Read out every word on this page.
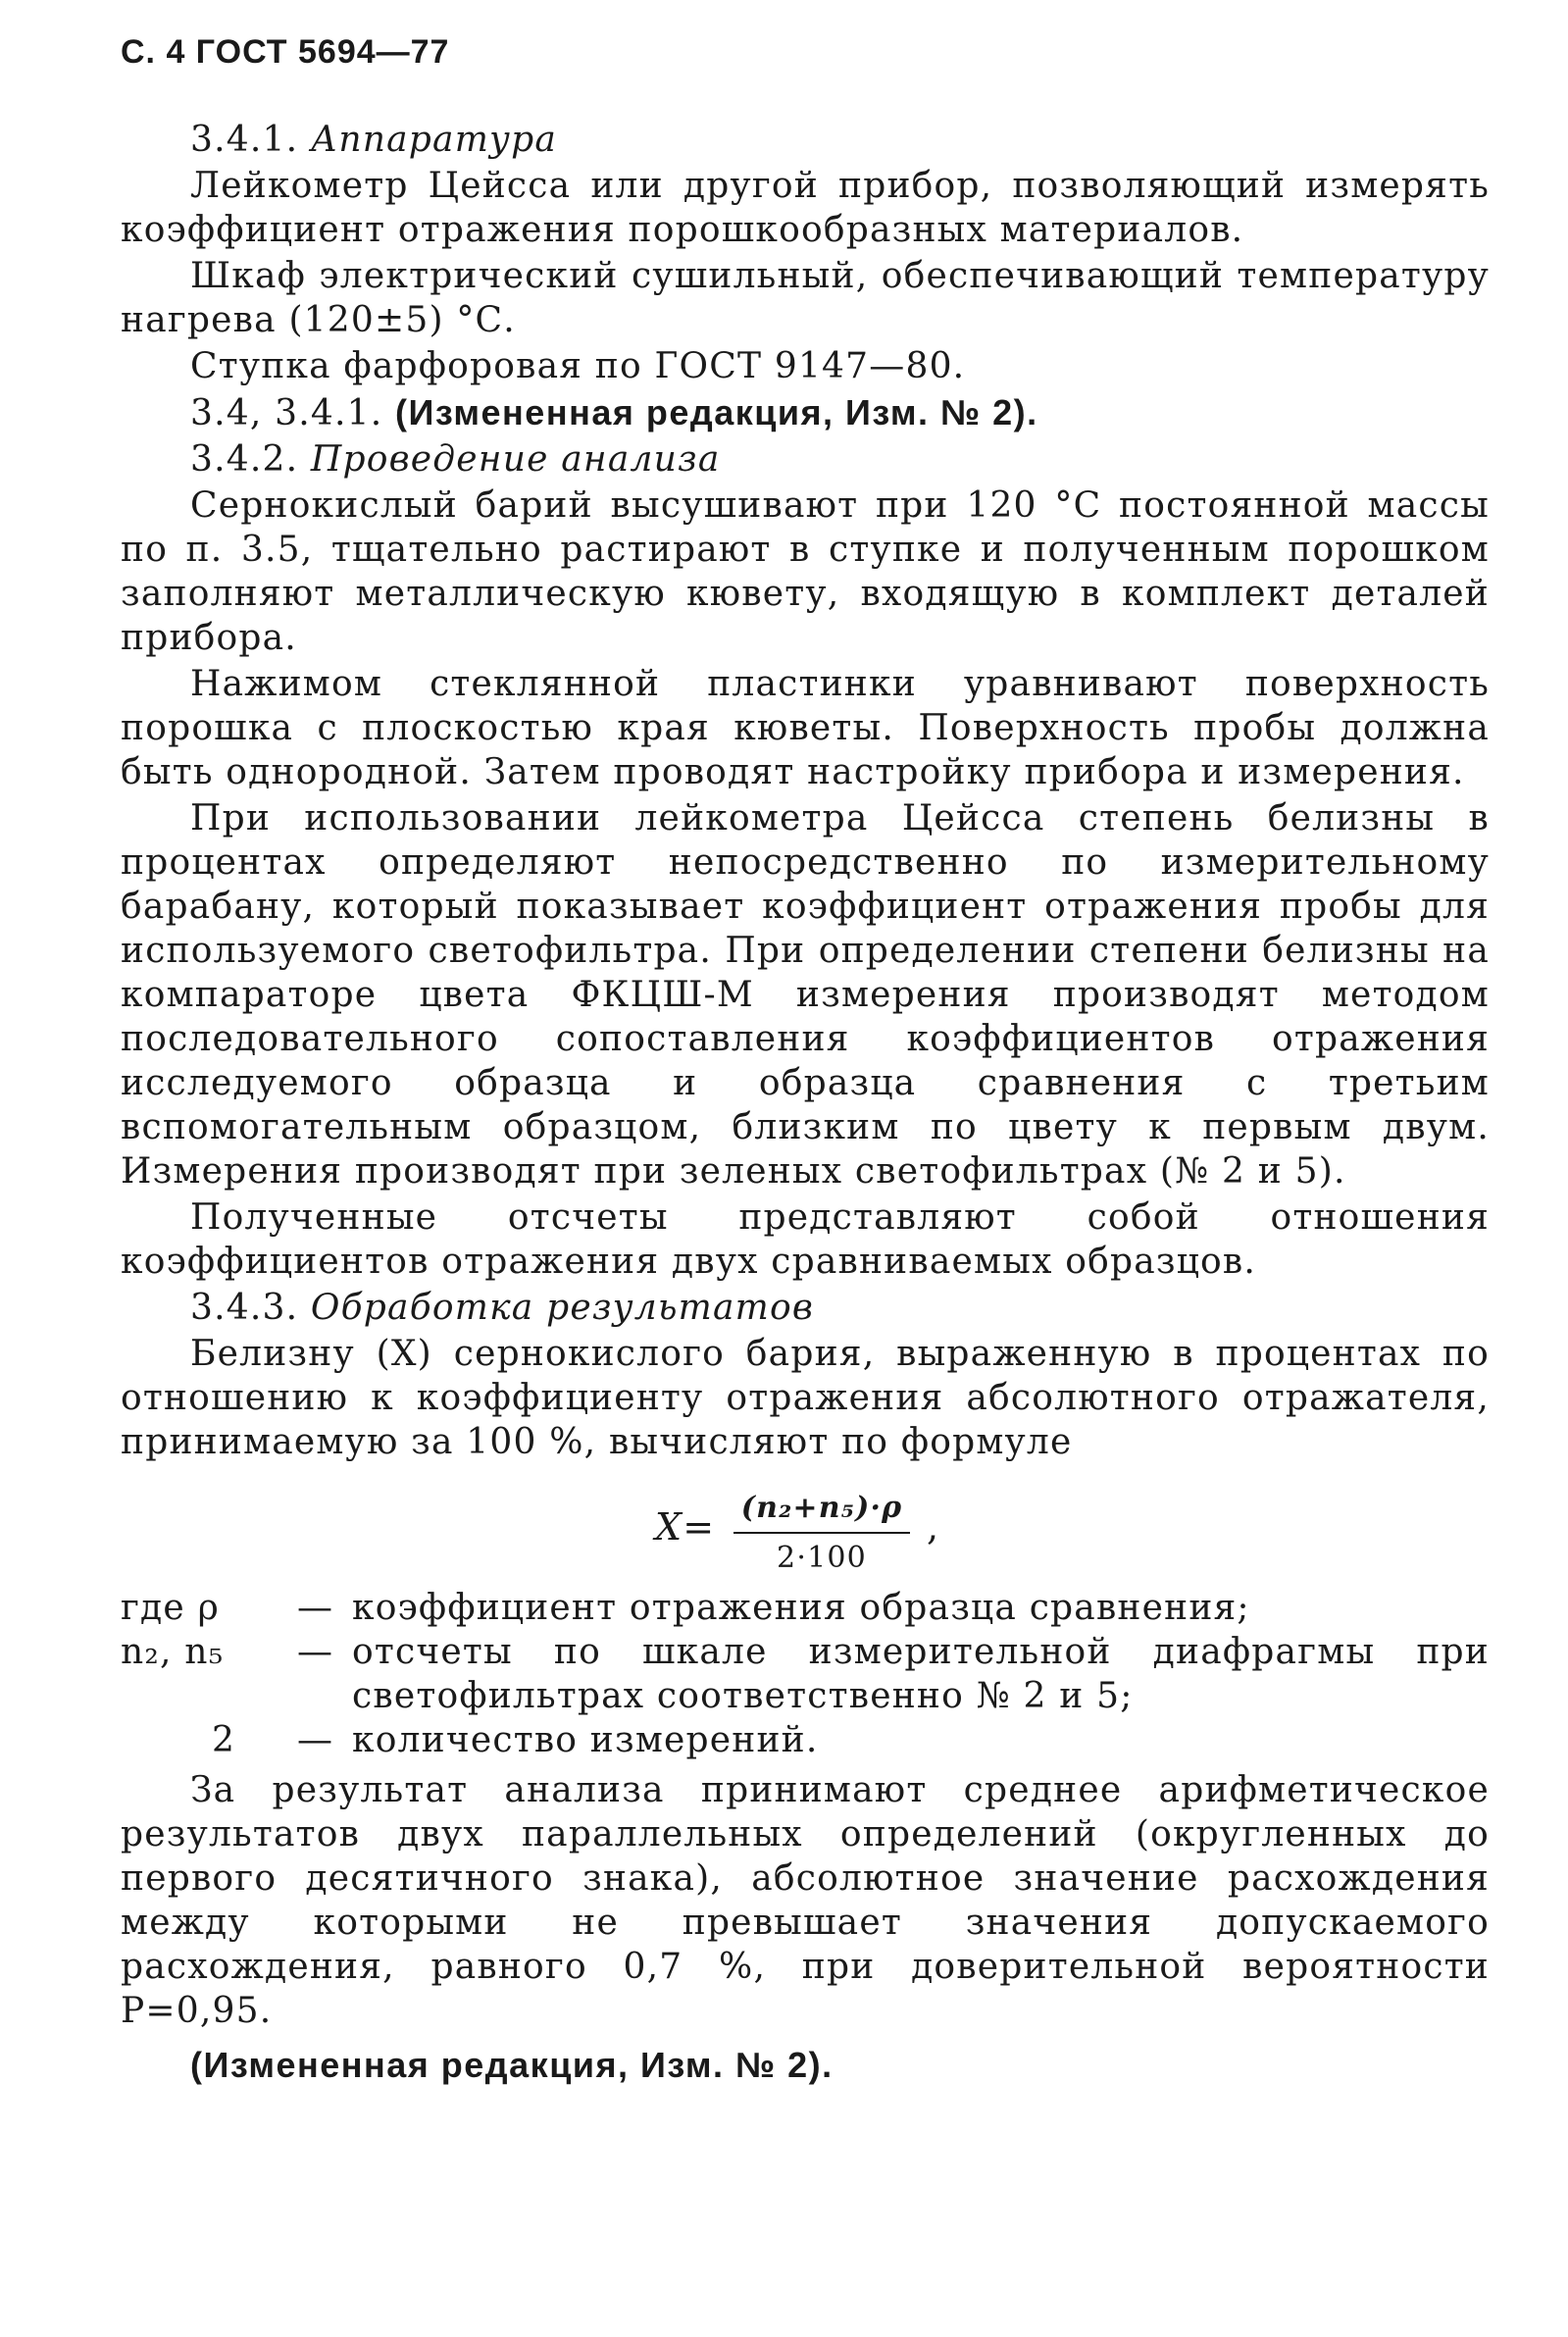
С. 4 ГОСТ 5694—77

3.4.1. Аппаратура

Лейкометр Цейсса или другой прибор, позволяющий измерять коэффициент отражения порошкообразных материалов.

Шкаф электрический сушильный, обеспечивающий температуру нагрева (120±5) °С.

Ступка фарфоровая по ГОСТ 9147—80.

3.4, 3.4.1. (Измененная редакция, Изм. № 2).

3.4.2. Проведение анализа

Сернокислый барий высушивают при 120 °С постоянной массы по п. 3.5, тщательно растирают в ступке и полученным порошком заполняют металлическую кювету, входящую в комплект деталей прибора.

Нажимом стеклянной пластинки уравнивают поверхность порошка с плоскостью края кюветы. Поверхность пробы должна быть однородной. Затем проводят настройку прибора и измерения.

При использовании лейкометра Цейсса степень белизны в процентах определяют непосредственно по измерительному барабану, который показывает коэффициент отражения пробы для используемого светофильтра. При определении степени белизны на компараторе цвета ФКЦШ-М измерения производят методом последовательного сопоставления коэффициентов отражения исследуемого образца и образца сравнения с третьим вспомогательным образцом, близким по цвету к первым двум. Измерения производят при зеленых светофильтрах (№ 2 и 5).

Полученные отсчеты представляют собой отношения коэффициентов отражения двух сравниваемых образцов.

3.4.3. Обработка результатов

Белизну (X) сернокислого бария, выраженную в процентах по отношению к коэффициенту отражения абсолютного отражателя, принимаемую за 100 %, вычисляют по формуле

$X= \frac{\text{(n₂+n₅)·ρ}}{2\cdot 100}$ ,
где ρ — коэффициент отражения образца сравнения;
n₂, n₅ — отсчеты по шкале измерительной диафрагмы при светофильтрах соответственно № 2 и 5;
2 — количество измерений.

За результат анализа принимают среднее арифметическое результатов двух параллельных определений (округленных до первого десятичного знака), абсолютное значение расхождения между которыми не превышает значения допускаемого расхождения, равного 0,7 %, при доверительной вероятности P=0,95.

(Измененная редакция, Изм. № 2).
